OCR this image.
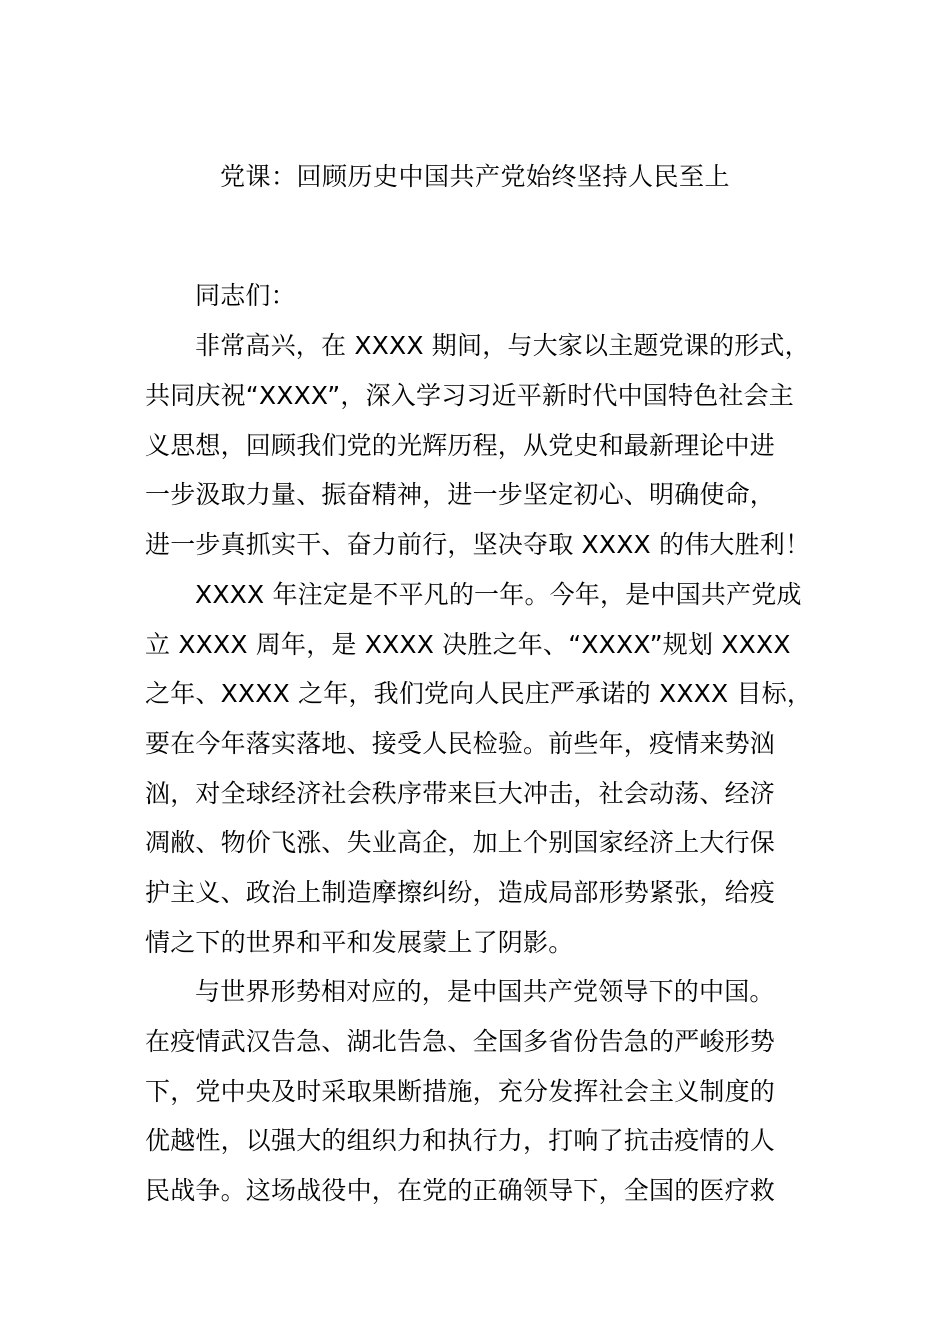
党课：回顾历史中国共产党始终坚持人民至上
同志们：
非常高兴，在 XXXX 期间，与大家以主题党课的形式，
共同庆祝“XXXX”，深入学习习近平新时代中国特色社会主
义思想，回顾我们党的光辉历程，从党史和最新理论中进
一步汲取力量、振奋精神，进一步坚定初心、明确使命，
进一步真抓实干、奋力前行，坚决夺取 XXXX 的伟大胜利！
XXXX 年注定是不平凡的一年。今年，是中国共产党成
立 XXXX 周年，是 XXXX 决胜之年、“XXXX”规划 XXXX
之年、XXXX 之年，我们党向人民庄严承诺的 XXXX 目标，
要在今年落实落地、接受人民检验。前些年，疫情来势汹
汹，对全球经济社会秩序带来巨大冲击，社会动荡、经济
凋敝、物价飞涨、失业高企，加上个别国家经济上大行保
护主义、政治上制造摩擦纠纷，造成局部形势紧张，给疫
情之下的世界和平和发展蒙上了阴影。
与世界形势相对应的，是中国共产党领导下的中国。
在疫情武汉告急、湖北告急、全国多省份告急的严峻形势
下，党中央及时采取果断措施，充分发挥社会主义制度的
优越性，以强大的组织力和执行力，打响了抗击疫情的人
民战争。这场战役中，在党的正确领导下，全国的医疗救
